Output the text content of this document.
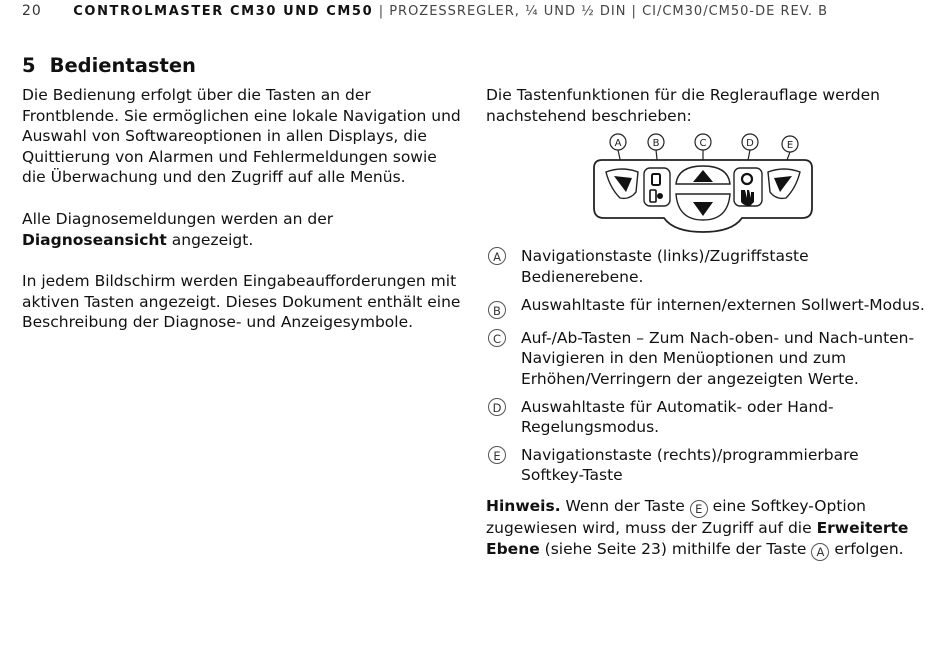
20 CONTROLMASTER CM30 UND CM50 | PROZESSREGLER, ¼ UND ½ DIN | CI/CM30/CM50-DE REV. B
5 Bedientasten

Die Bedienung erfolgt über die Tasten an der Frontblende. Sie ermöglichen eine lokale Navigation und Auswahl von Softwareoptionen in allen Displays, die Quittierung von Alarmen und Fehlermeldungen sowie die Überwachung und den Zugriff auf alle Menüs.

Alle Diagnosemeldungen werden an der Diagnoseansicht angezeigt.

In jedem Bildschirm werden Eingabeaufforderungen mit aktiven Tasten angezeigt. Dieses Dokument enthält eine Beschreibung der Diagnose- und Anzeigesymbole.

Die Tastenfunktionen für die Reglerauflage werden nachstehend beschrieben:

A	B	C	D	E
A	Navigationstaste (links)/Zugriffstaste Bedienerebene.
B	Auswahltaste für internen/externen Sollwert-Modus.
C	Auf-/Ab-Tasten – Zum Nach-oben- und Nach-unten-Navigieren in den Menüoptionen und zum Erhöhen/Verringern der angezeigten Werte.
D Auswahltaste für Automatik- oder Hand-Regelungsmodus.
E	Navigationstaste (rechts)/programmierbare Softkey-Taste
Hinweis. Wenn der Taste E eine Softkey-Option zugewiesen wird, muss der Zugriff auf die Erweiterte Ebene (siehe Seite 23) mithilfe der Taste A erfolgen.
